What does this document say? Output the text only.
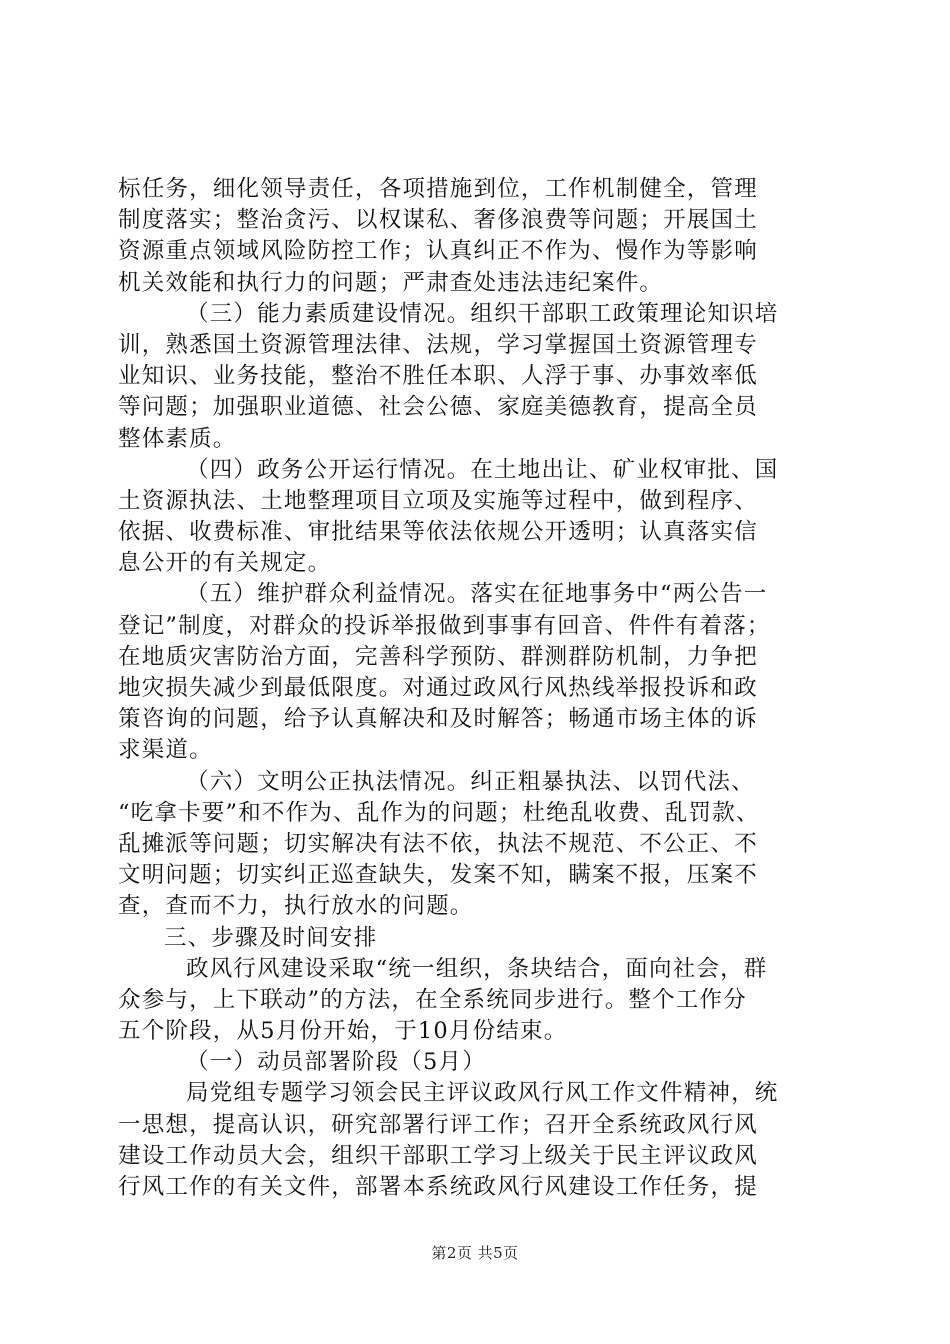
标任务，细化领导责任，各项措施到位，工作机制健全，管理
制度落实；整治贪污、以权谋私、奢侈浪费等问题；开展国土
资源重点领域风险防控工作；认真纠正不作为、慢作为等影响
机关效能和执行力的问题；严肃查处违法违纪案件。
（三）能力素质建设情况。组织干部职工政策理论知识培
训，熟悉国土资源管理法律、法规，学习掌握国土资源管理专
业知识、业务技能，整治不胜任本职、人浮于事、办事效率低
等问题；加强职业道德、社会公德、家庭美德教育，提高全员
整体素质。
（四）政务公开运行情况。在土地出让、矿业权审批、国
土资源执法、土地整理项目立项及实施等过程中，做到程序、
依据、收费标准、审批结果等依法依规公开透明；认真落实信
息公开的有关规定。
（五）维护群众利益情况。落实在征地事务中“两公告一
登记”制度，对群众的投诉举报做到事事有回音、件件有着落；
在地质灾害防治方面，完善科学预防、群测群防机制，力争把
地灾损失减少到最低限度。对通过政风行风热线举报投诉和政
策咨询的问题，给予认真解决和及时解答；畅通市场主体的诉
求渠道。
（六）文明公正执法情况。纠正粗暴执法、以罚代法、
“吃拿卡要”和不作为、乱作为的问题；杜绝乱收费、乱罚款、
乱摊派等问题；切实解决有法不依，执法不规范、不公正、不
文明问题；切实纠正巡查缺失，发案不知，瞒案不报，压案不
查，查而不力，执行放水的问题。
三、步骤及时间安排
政风行风建设采取“统一组织，条块结合，面向社会，群
众参与，上下联动”的方法，在全系统同步进行。整个工作分
五个阶段，从5月份开始，于10月份结束。
（一）动员部署阶段（5月）
局党组专题学习领会民主评议政风行风工作文件精神，统
一思想，提高认识，研究部署行评工作；召开全系统政风行风
建设工作动员大会，组织干部职工学习上级关于民主评议政风
行风工作的有关文件，部署本系统政风行风建设工作任务，提
第2页 共5页
